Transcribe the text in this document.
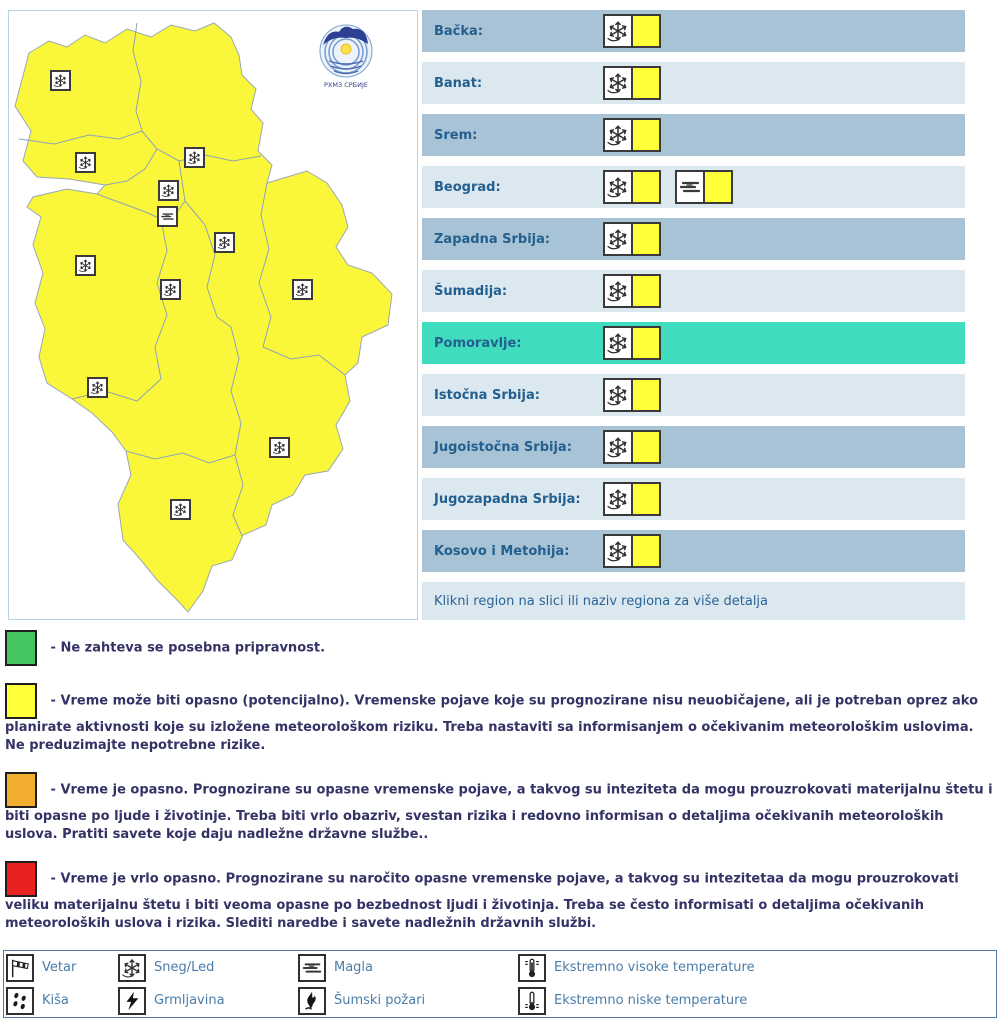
РХМЗ СРБИЈЕ
Bačka:
Banat:
Srem:
Beograd:
Zapadna Srbija:
Šumadija:
Pomoravlje:
Istočna Srbija:
Jugoistočna Srbija:
Jugozapadna Srbija:
Kosovo i Metohija:
Klikni region na slici ili naziv regiona za više detalja
- Ne zahteva se posebna pripravnost.
- Vreme može biti opasno (potencijalno). Vremenske pojave koje su prognozirane nisu neuobičajene, ali je potreban oprez ako planirate aktivnosti koje su izložene meteorološkom riziku. Treba nastaviti sa informisanjem o očekivanim meteorološkim uslovima. Ne preduzimajte nepotrebne rizike.
- Vreme je opasno. Prognozirane su opasne vremenske pojave, a takvog su inteziteta da mogu prouzrokovati materijalnu štetu i biti opasne po ljude i životinje. Treba biti vrlo obazriv, svestan rizika i redovno informisan o detaljima očekivanih meteoroloških uslova. Pratiti savete koje daju nadležne državne službe..
- Vreme je vrlo opasno. Prognozirane su naročito opasne vremenske pojave, a takvog su intezitetaa da mogu prouzrokovati veliku materijalnu štetu i biti veoma opasne po bezbednost ljudi i životinja. Treba se često informisati o detaljima očekivanih meteoroloških uslova i rizika. Slediti naredbe i savete nadležnih državnih službi.
Vetar	Sneg/Led	Magla	Ekstremno visoke temperature
Kiša	Grmljavina	Šumski požari	Ekstremno niske temperature
